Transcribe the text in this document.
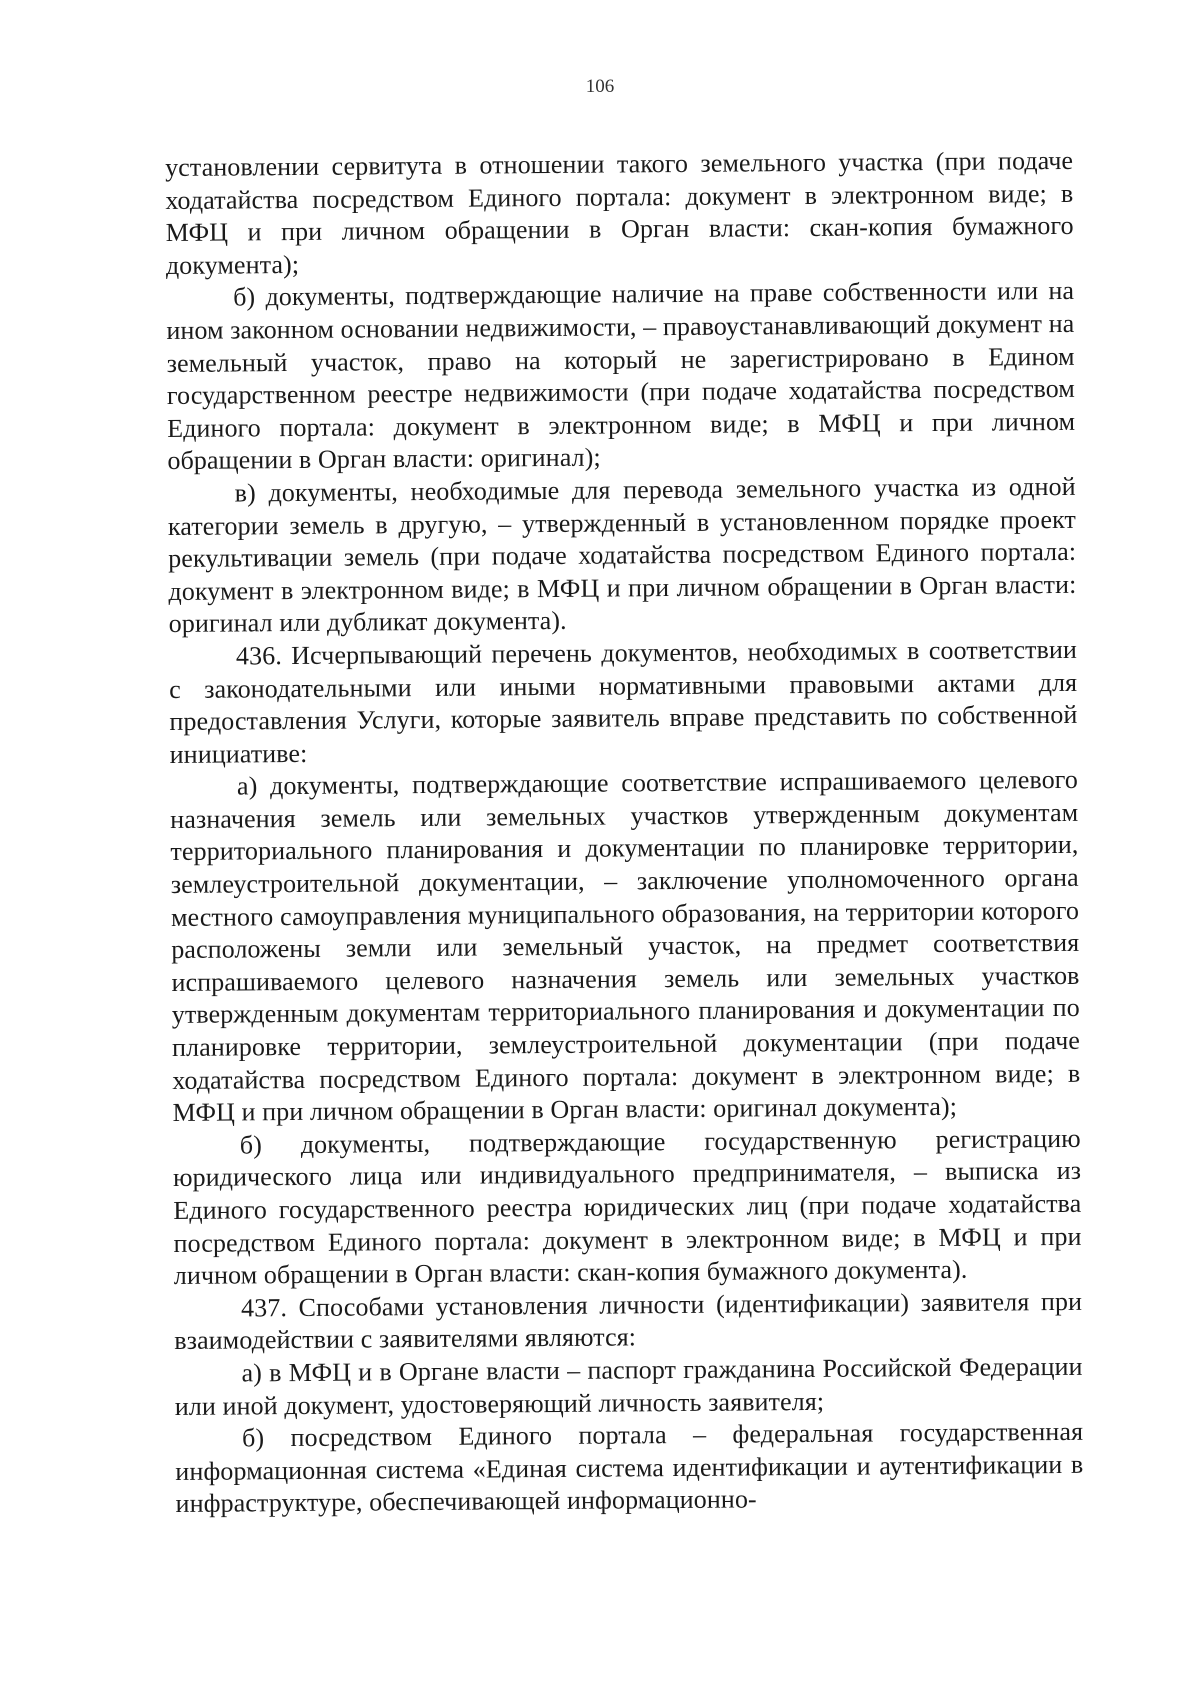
106

установлении сервитута в отношении такого земельного участка (при подаче ходатайства посредством Единого портала: документ в электронном виде; в МФЦ и при личном обращении в Орган власти: скан-копия бумажного документа);

б) документы, подтверждающие наличие на праве собственности или на ином законном основании недвижимости, – правоустанавливающий документ на земельный участок, право на который не зарегистрировано в Едином государственном реестре недвижимости (при подаче ходатайства посредством Единого портала: документ в электронном виде; в МФЦ и при личном обращении в Орган власти: оригинал);

в) документы, необходимые для перевода земельного участка из одной категории земель в другую, – утвержденный в установленном порядке проект рекультивации земель (при подаче ходатайства посредством Единого портала: документ в электронном виде; в МФЦ и при личном обращении в Орган власти: оригинал или дубликат документа).

436. Исчерпывающий перечень документов, необходимых в соответствии с законодательными или иными нормативными правовыми актами для предоставления Услуги, которые заявитель вправе представить по собственной инициативе:

а) документы, подтверждающие соответствие испрашиваемого целевого назначения земель или земельных участков утвержденным документам территориального планирования и документации по планировке территории, землеустроительной документации, – заключение уполномоченного органа местного самоуправления муниципального образования, на территории которого расположены земли или земельный участок, на предмет соответствия испрашиваемого целевого назначения земель или земельных участков утвержденным документам территориального планирования и документации по планировке территории, землеустроительной документации (при подаче ходатайства посредством Единого портала: документ в электронном виде; в МФЦ и при личном обращении в Орган власти: оригинал документа);

б) документы, подтверждающие государственную регистрацию юридического лица или индивидуального предпринимателя, – выписка из Единого государственного реестра юридических лиц (при подаче ходатайства посредством Единого портала: документ в электронном виде; в МФЦ и при личном обращении в Орган власти: скан-копия бумажного документа).

437. Способами установления личности (идентификации) заявителя при взаимодействии с заявителями являются:

а) в МФЦ и в Органе власти – паспорт гражданина Российской Федерации или иной документ, удостоверяющий личность заявителя;

б) посредством Единого портала – федеральная государственная информационная система «Единая система идентификации и аутентификации в инфраструктуре, обеспечивающей информационно-
